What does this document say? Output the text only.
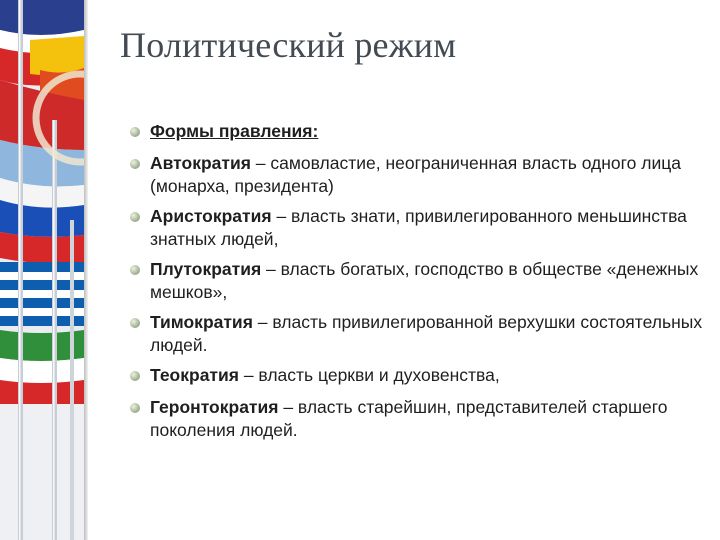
Политический режим
Формы правления:
Автократия – самовластие, неограниченная власть одного лица (монарха, президента)
Аристократия – власть знати, привилегированного меньшинства знатных людей,
Плутократия – власть богатых, господство в обществе «денежных мешков»,
Тимократия – власть привилегированной верхушки состоятельных людей.
Теократия – власть церкви и духовенства,
Геронтократия – власть старейшин, представителей старшего поколения людей.
